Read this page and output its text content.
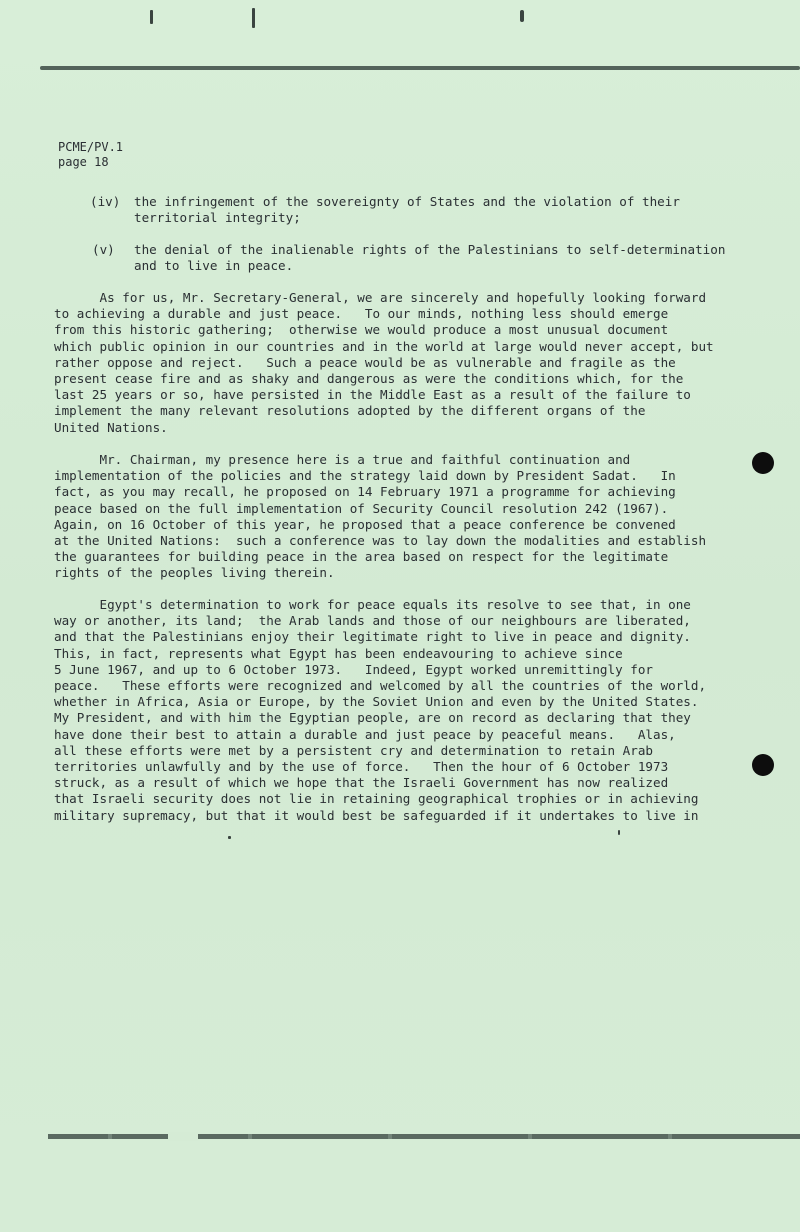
PCME/PV.1
page 18
(iv) the infringement of the sovereignty of States and the violation of their
territorial integrity;
(v) the denial of the inalienable rights of the Palestinians to self-determination
and to live in peace.
As for us, Mr. Secretary-General, we are sincerely and hopefully looking forward
to achieving a durable and just peace.   To our minds, nothing less should emerge
from this historic gathering;  otherwise we would produce a most unusual document
which public opinion in our countries and in the world at large would never accept, but
rather oppose and reject.   Such a peace would be as vulnerable and fragile as the
present cease fire and as shaky and dangerous as were the conditions which, for the
last 25 years or so, have persisted in the Middle East as a result of the failure to
implement the many relevant resolutions adopted by the different organs of the
United Nations.
Mr. Chairman, my presence here is a true and faithful continuation and
implementation of the policies and the strategy laid down by President Sadat.   In
fact, as you may recall, he proposed on 14 February 1971 a programme for achieving
peace based on the full implementation of Security Council resolution 242 (1967).
Again, on 16 October of this year, he proposed that a peace conference be convened
at the United Nations:  such a conference was to lay down the modalities and establish
the guarantees for building peace in the area based on respect for the legitimate
rights of the peoples living therein.
Egypt's determination to work for peace equals its resolve to see that, in one
way or another, its land;  the Arab lands and those of our neighbours are liberated,
and that the Palestinians enjoy their legitimate right to live in peace and dignity.
This, in fact, represents what Egypt has been endeavouring to achieve since
5 June 1967, and up to 6 October 1973.   Indeed, Egypt worked unremittingly for
peace.   These efforts were recognized and welcomed by all the countries of the world,
whether in Africa, Asia or Europe, by the Soviet Union and even by the United States.
My President, and with him the Egyptian people, are on record as declaring that they
have done their best to attain a durable and just peace by peaceful means.   Alas,
all these efforts were met by a persistent cry and determination to retain Arab
territories unlawfully and by the use of force.   Then the hour of 6 October 1973
struck, as a result of which we hope that the Israeli Government has now realized
that Israeli security does not lie in retaining geographical trophies or in achieving
military supremacy, but that it would best be safeguarded if it undertakes to live in
